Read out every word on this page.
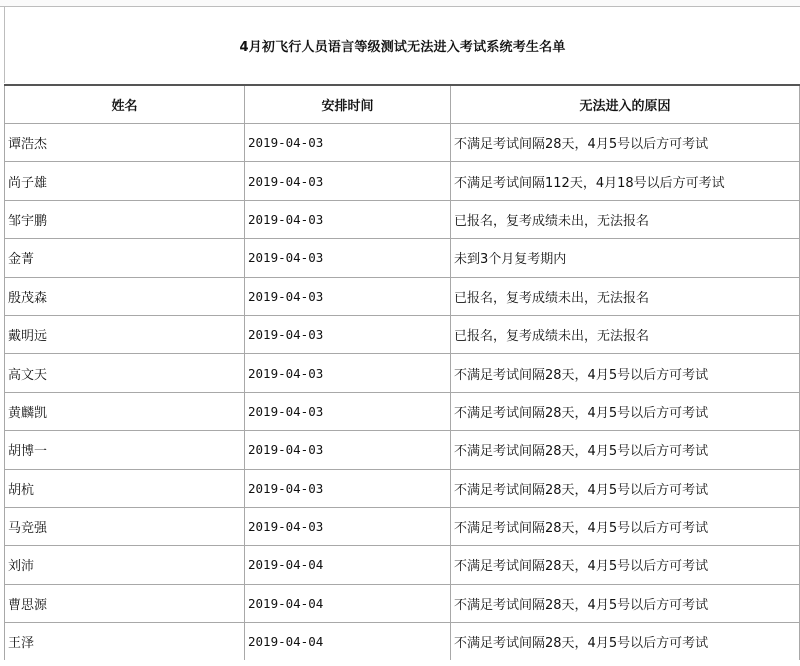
4月初飞行人员语言等级测试无法进入考试系统考生名单
姓名	安排时间	无法进入的原因
谭浩杰	2019-04-03	不满足考试间隔28天，4月5号以后方可考试
尚子雄	2019-04-03	不满足考试间隔112天，4月18号以后方可考试
邹宇鹏	2019-04-03	已报名，复考成绩未出，无法报名
金菁	2019-04-03	未到3个月复考期内
殷茂森	2019-04-03	已报名，复考成绩未出，无法报名
戴明远	2019-04-03	已报名，复考成绩未出，无法报名
高文天	2019-04-03	不满足考试间隔28天，4月5号以后方可考试
黄麟凯	2019-04-03	不满足考试间隔28天，4月5号以后方可考试
胡博一	2019-04-03	不满足考试间隔28天，4月5号以后方可考试
胡杭	2019-04-03	不满足考试间隔28天，4月5号以后方可考试
马竞强	2019-04-03	不满足考试间隔28天，4月5号以后方可考试
刘沛	2019-04-04	不满足考试间隔28天，4月5号以后方可考试
曹思源	2019-04-04	不满足考试间隔28天，4月5号以后方可考试
王泽	2019-04-04	不满足考试间隔28天，4月5号以后方可考试
